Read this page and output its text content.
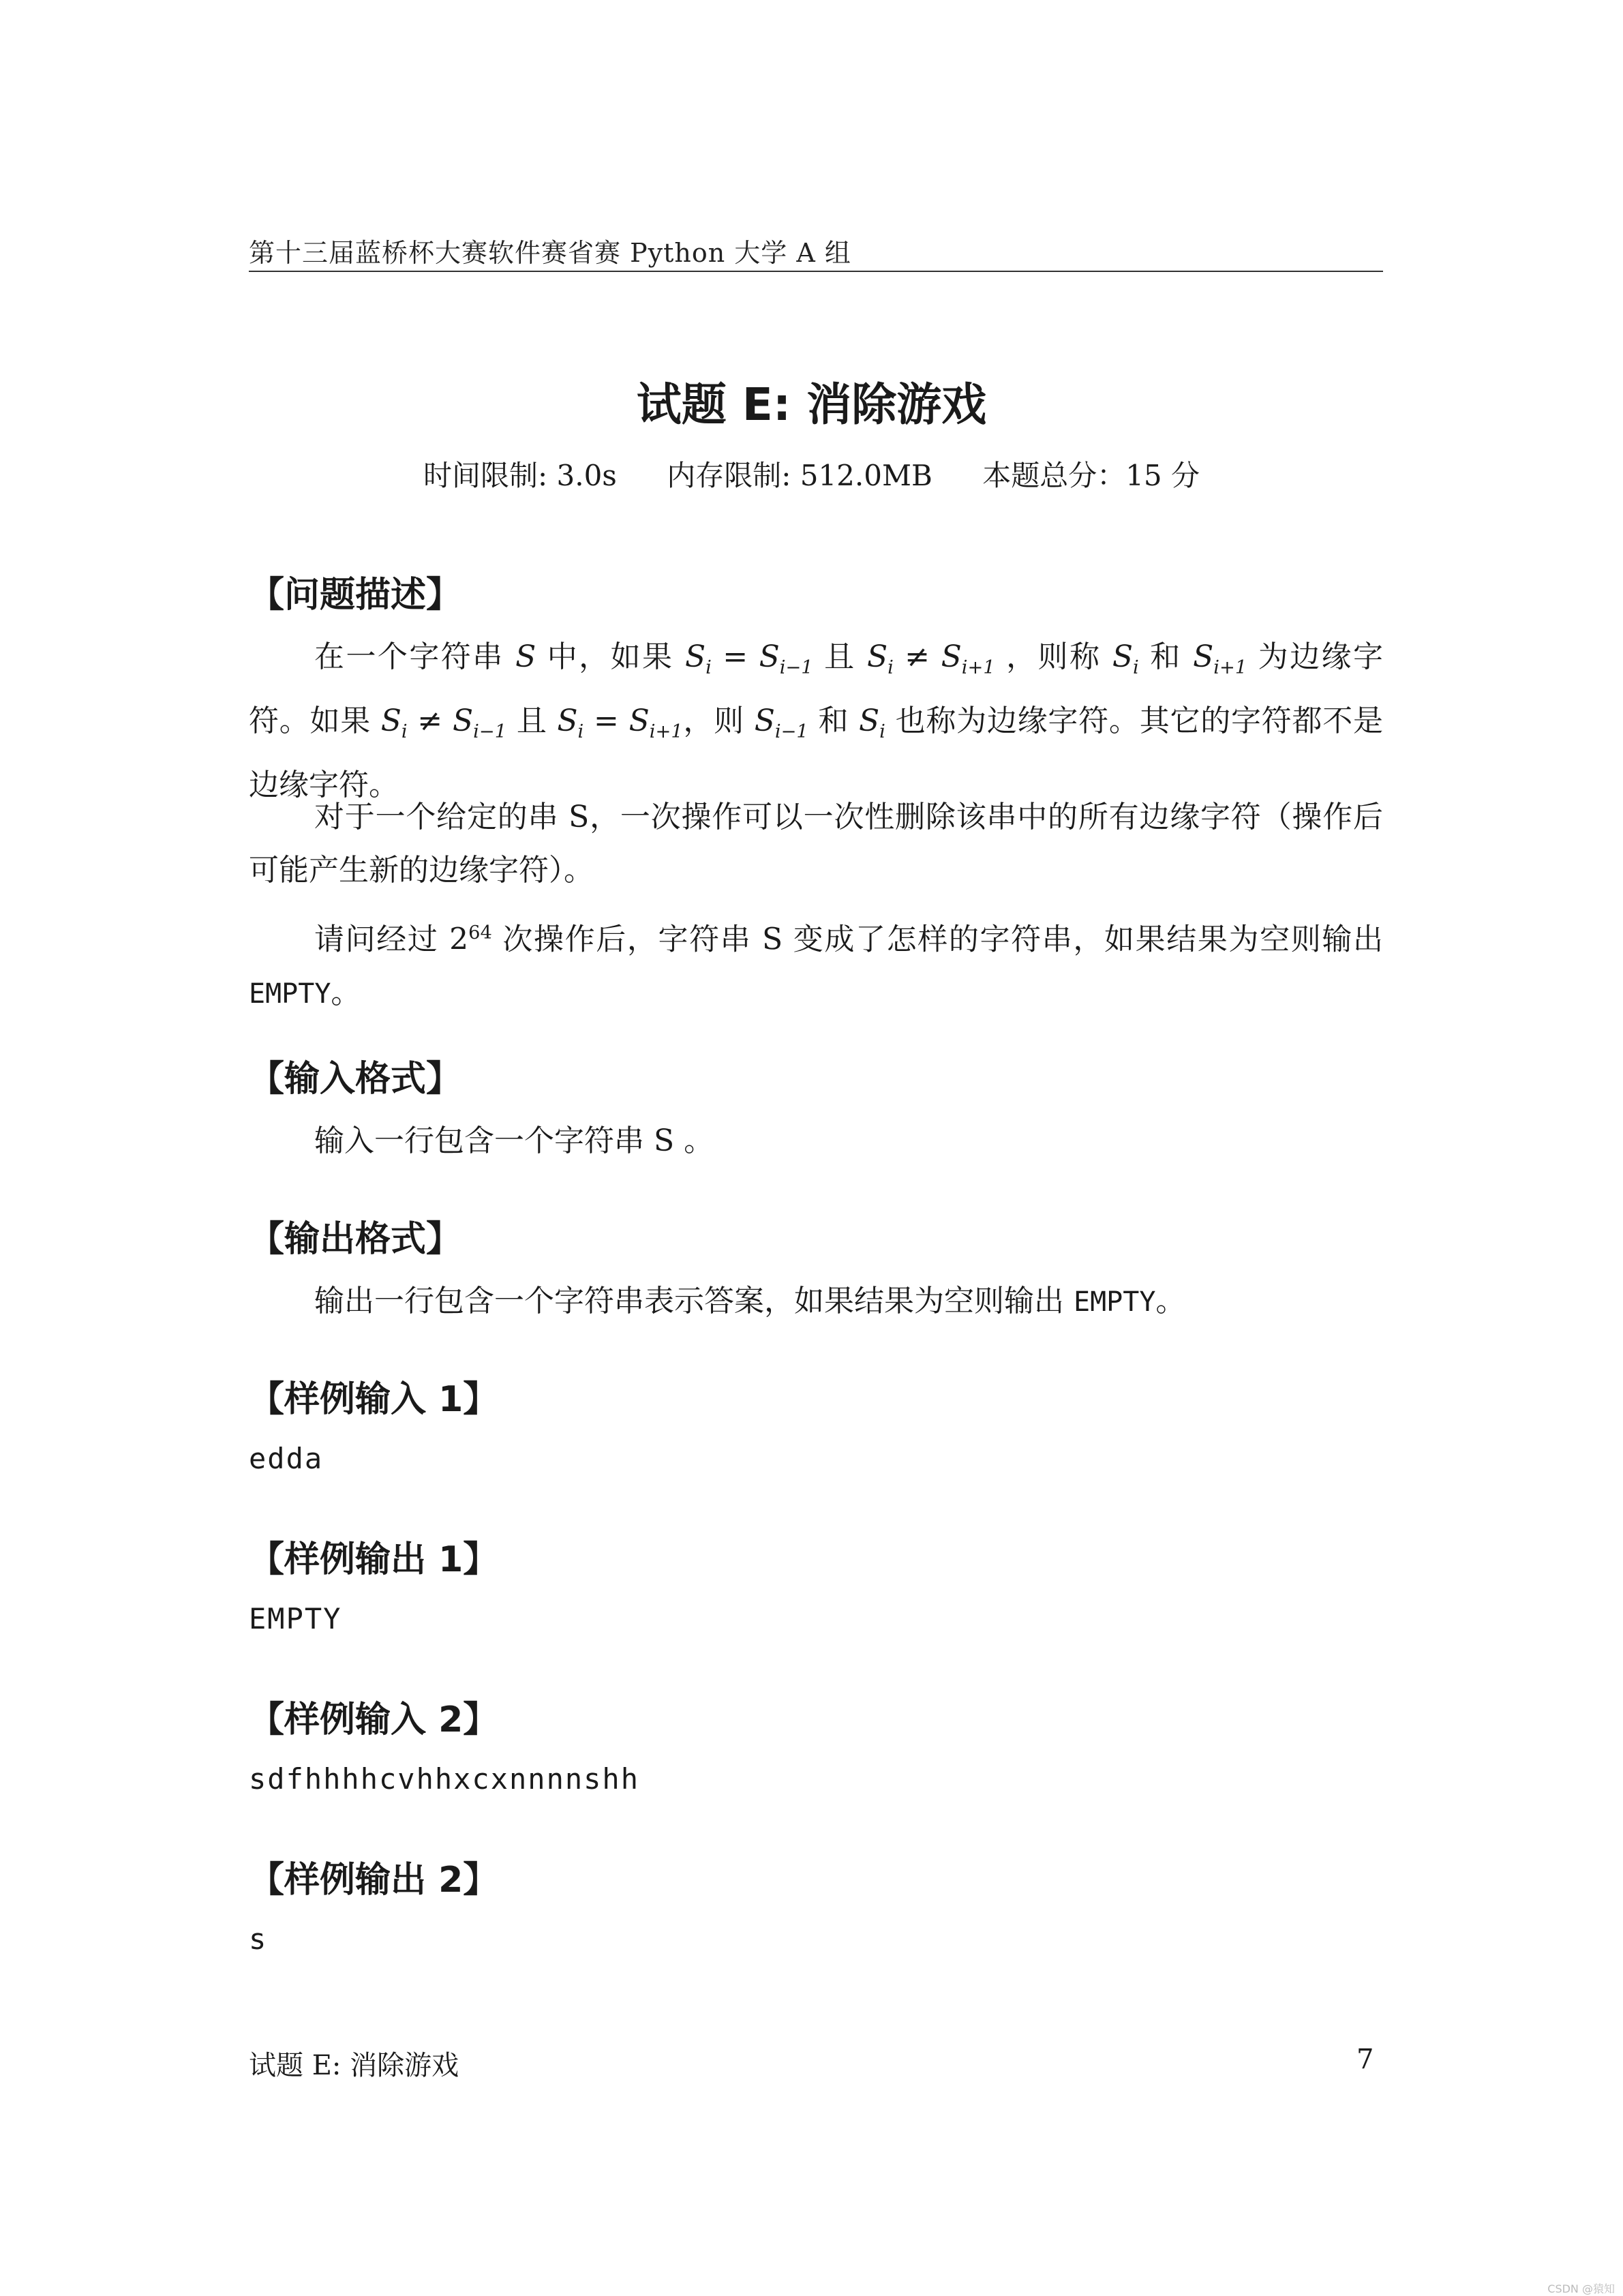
第十三届蓝桥杯大赛软件赛省赛 Python 大学 A 组
试题 E: 消除游戏
时间限制: 3.0s 内存限制: 512.0MB 本题总分：15 分
【问题描述】
在一个字符串 S 中，如果 $S_i = S_{i-1}$ 且 $S_i \ne S_{i+1}$ ，则称 $S_i$ 和 $S_{i+1}$ 为边缘字符。如果 $S_i \ne S_{i-1}$ 且 $S_i = S_{i+1}$，则 $S_{i-1}$ 和 $S_i$ 也称为边缘字符。其它的字符都不是边缘字符。
对于一个给定的串 S，一次操作可以一次性删除该串中的所有边缘字符（操作后可能产生新的边缘字符）。
请问经过 $2^{64}$ 次操作后，字符串 S 变成了怎样的字符串，如果结果为空则输出 EMPTY。
【输入格式】
输入一行包含一个字符串 S 。
【输出格式】
输出一行包含一个字符串表示答案，如果结果为空则输出 EMPTY。
【样例输入 1】
edda
【样例输出 1】
EMPTY
【样例输入 2】
sdfhhhhcvhhxcxnnnnshh
【样例输出 2】
s
试题 E: 消除游戏	7
CSDN @猿知
